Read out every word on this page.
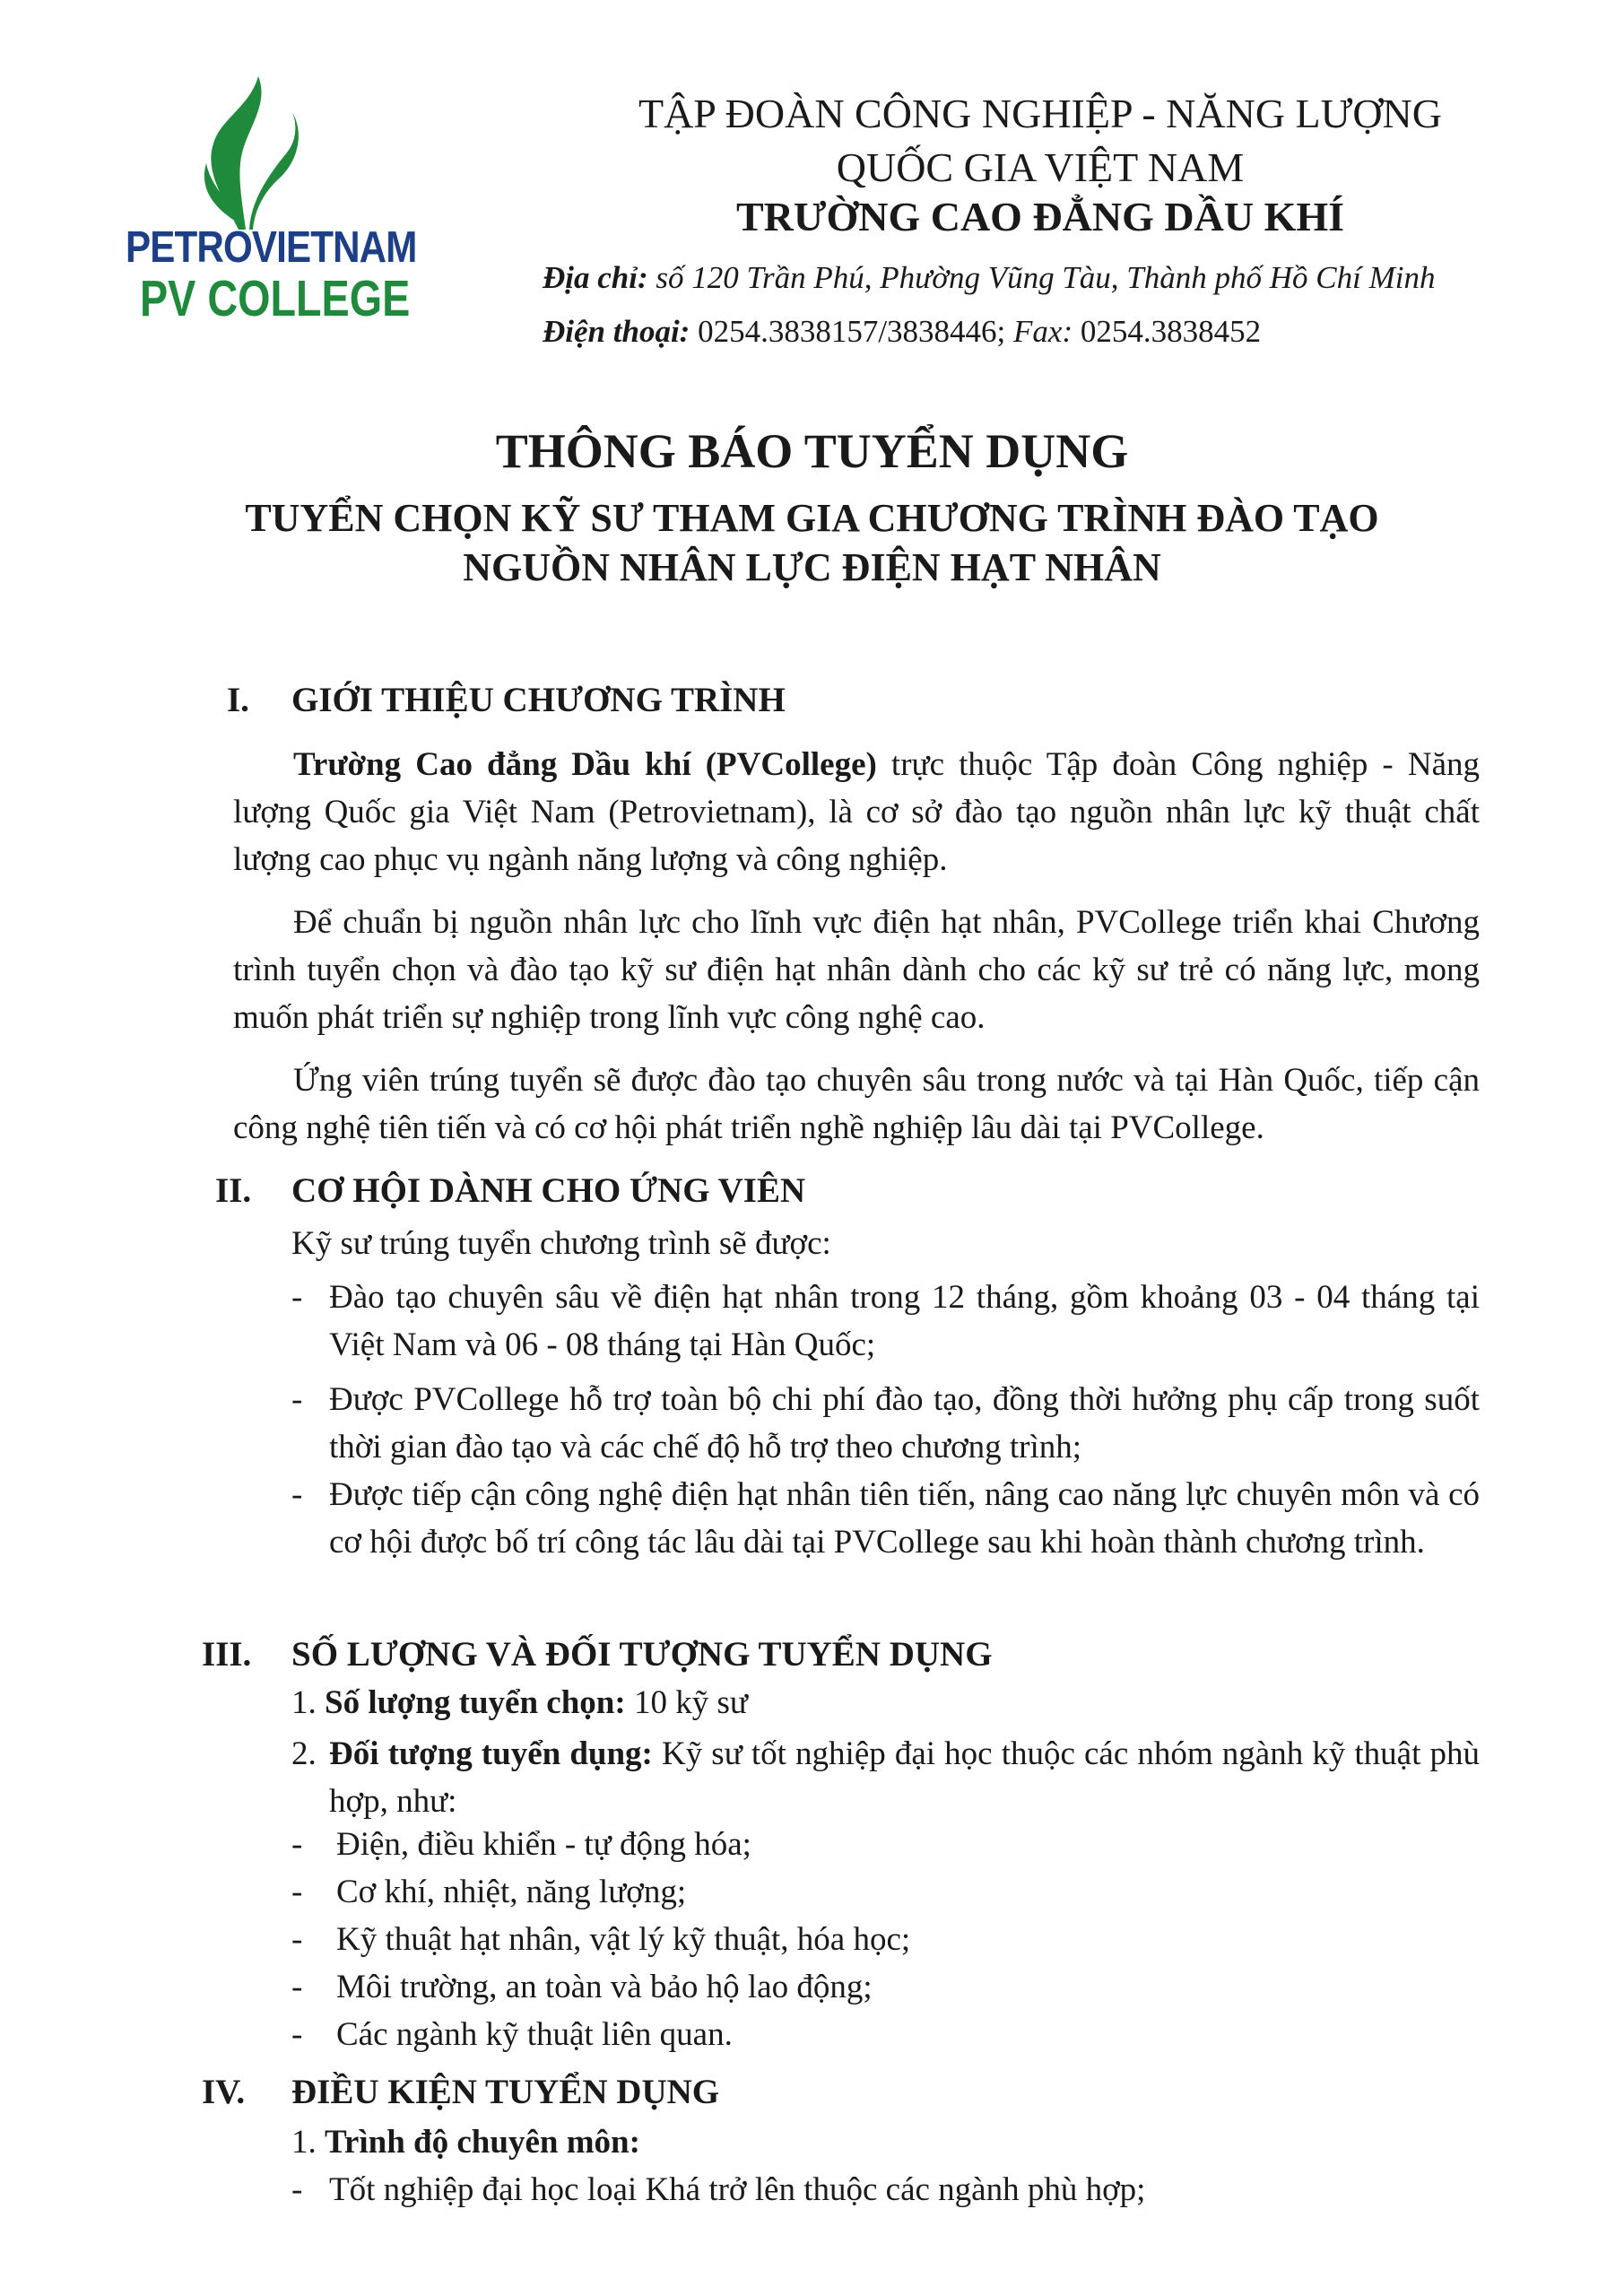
PETROVIETNAM
PV COLLEGE
TẬP ĐOÀN CÔNG NGHIỆP - NĂNG LƯỢNG
QUỐC GIA VIỆT NAM
TRƯỜNG CAO ĐẲNG DẦU KHÍ
Địa chỉ: số 120 Trần Phú, Phường Vũng Tàu, Thành phố Hồ Chí Minh
Điện thoại: 0254.3838157/3838446; Fax: 0254.3838452
THÔNG BÁO TUYỂN DỤNG
TUYỂN CHỌN KỸ SƯ THAM GIA CHƯƠNG TRÌNH ĐÀO TẠO
NGUỒN NHÂN LỰC ĐIỆN HẠT NHÂN
I. GIỚI THIỆU CHƯƠNG TRÌNH
Trường Cao đẳng Dầu khí (PVCollege) trực thuộc Tập đoàn Công nghiệp - Năng lượng Quốc gia Việt Nam (Petrovietnam), là cơ sở đào tạo nguồn nhân lực kỹ thuật chất lượng cao phục vụ ngành năng lượng và công nghiệp.
Để chuẩn bị nguồn nhân lực cho lĩnh vực điện hạt nhân, PVCollege triển khai Chương trình tuyển chọn và đào tạo kỹ sư điện hạt nhân dành cho các kỹ sư trẻ có năng lực, mong muốn phát triển sự nghiệp trong lĩnh vực công nghệ cao.
Ứng viên trúng tuyển sẽ được đào tạo chuyên sâu trong nước và tại Hàn Quốc, tiếp cận công nghệ tiên tiến và có cơ hội phát triển nghề nghiệp lâu dài tại PVCollege.
II. CƠ HỘI DÀNH CHO ỨNG VIÊN
Kỹ sư trúng tuyển chương trình sẽ được:
- Đào tạo chuyên sâu về điện hạt nhân trong 12 tháng, gồm khoảng 03 - 04 tháng tại Việt Nam và 06 - 08 tháng tại Hàn Quốc;
- Được PVCollege hỗ trợ toàn bộ chi phí đào tạo, đồng thời hưởng phụ cấp trong suốt thời gian đào tạo và các chế độ hỗ trợ theo chương trình;
- Được tiếp cận công nghệ điện hạt nhân tiên tiến, nâng cao năng lực chuyên môn và có cơ hội được bố trí công tác lâu dài tại PVCollege sau khi hoàn thành chương trình.
III. SỐ LƯỢNG VÀ ĐỐI TƯỢNG TUYỂN DỤNG
1. Số lượng tuyển chọn: 10 kỹ sư
2. Đối tượng tuyển dụng: Kỹ sư tốt nghiệp đại học thuộc các nhóm ngành kỹ thuật phù hợp, như:
- Điện, điều khiển - tự động hóa;
- Cơ khí, nhiệt, năng lượng;
- Kỹ thuật hạt nhân, vật lý kỹ thuật, hóa học;
- Môi trường, an toàn và bảo hộ lao động;
- Các ngành kỹ thuật liên quan.
IV. ĐIỀU KIỆN TUYỂN DỤNG
1. Trình độ chuyên môn:
- Tốt nghiệp đại học loại Khá trở lên thuộc các ngành phù hợp;
